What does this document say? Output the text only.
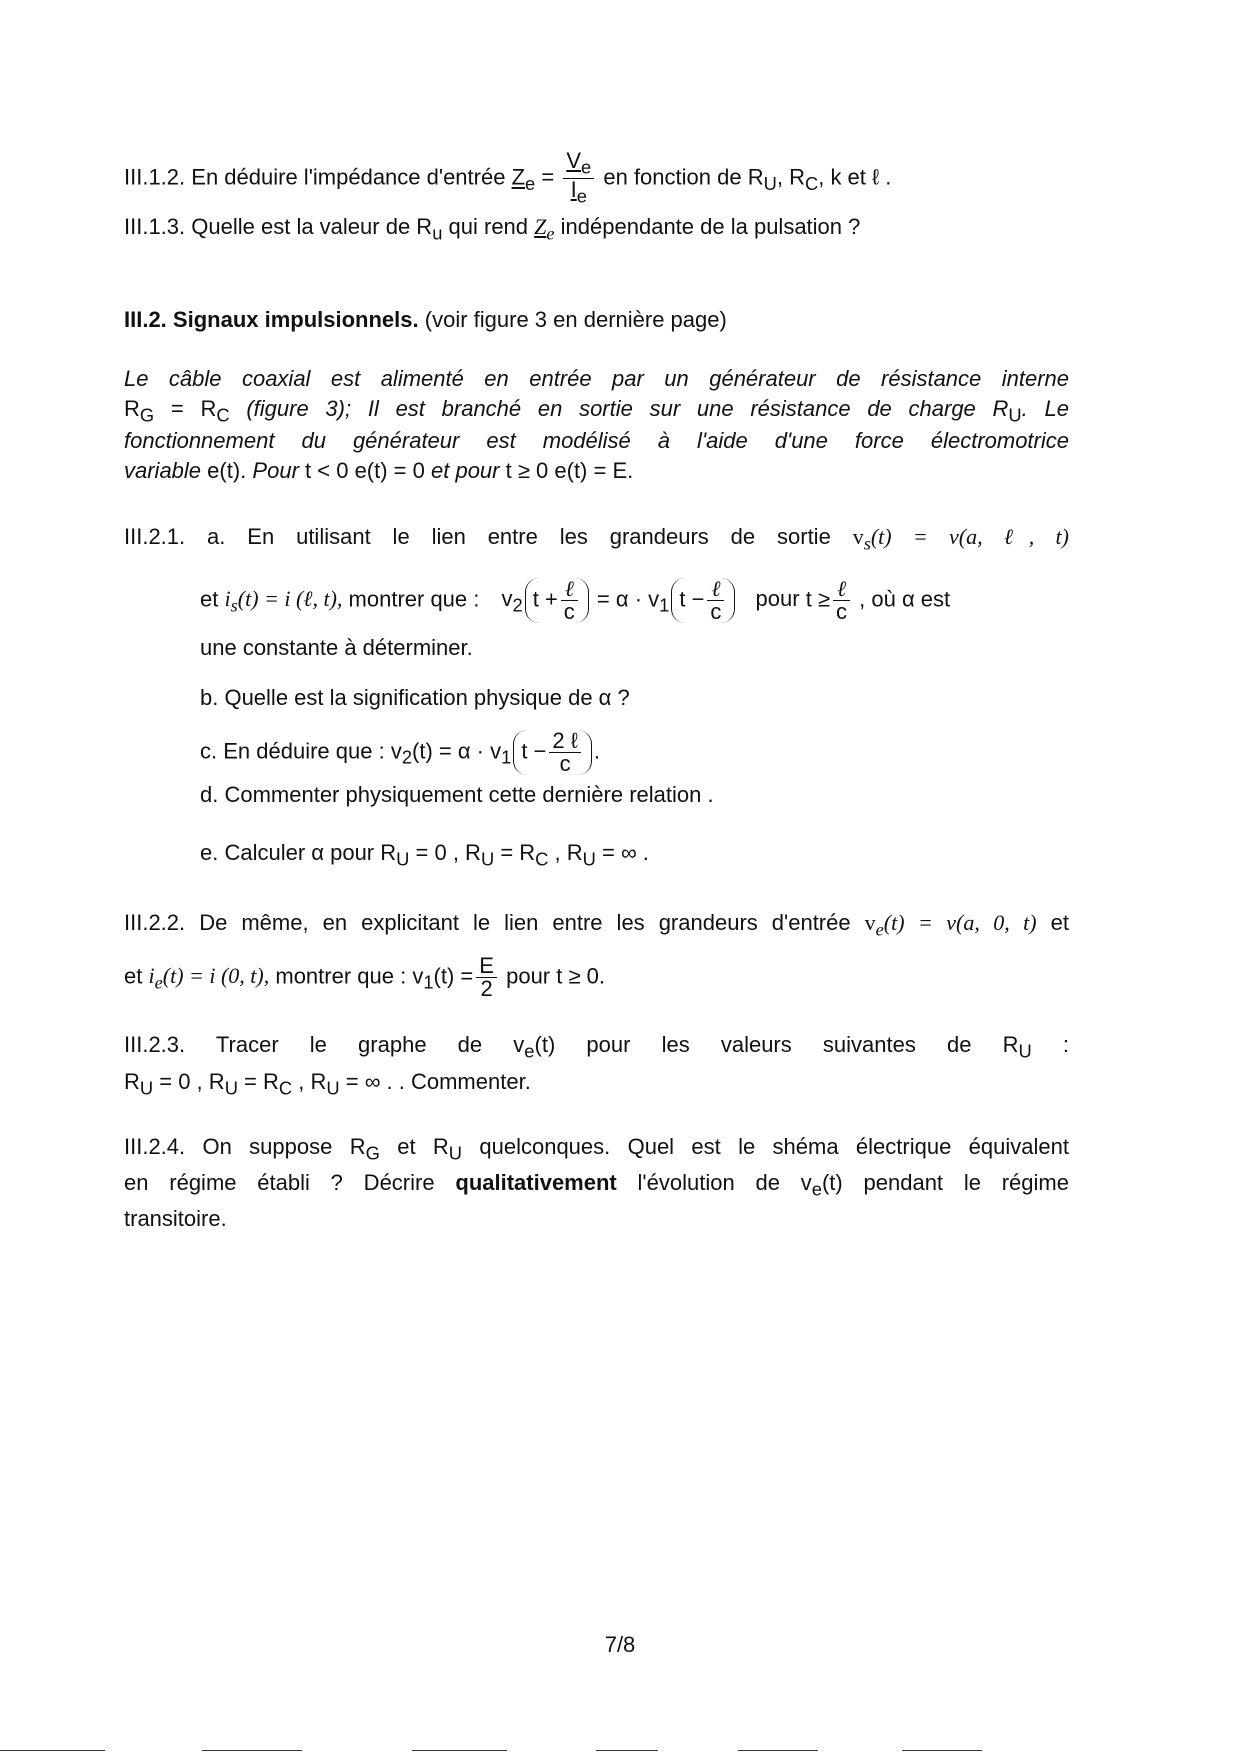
III.1.2. En déduire l'impédance d'entrée $Z_e = \frac{V_e}{I_e}$ en fonction de $R_U$, $R_C$, k et ℓ .
III.1.3. Quelle est la valeur de $R_u$ qui rend $Z_e$ indépendante de la pulsation ?
III.2. Signaux impulsionnels. (voir figure 3 en dernière page)
Le câble coaxial est alimenté en entrée par un générateur de résistance interne
$R_G = R_C$ (figure 3); Il est branché en sortie sur une résistance de charge $R_U$. Le
fonctionnement du générateur est modélisé à l'aide d'une force électromotrice
variable e(t). Pour t < 0 e(t) = 0 et pour t ≥ 0 e(t) = E.
III.2.1. a. En utilisant le lien entre les grandeurs de sortie $v_s(t) = v(a$, ℓ, t)
et $i_s(t) = i$ (ℓ, t), montrer que : $v_2$ $t + \frac{\text{ℓ}}{c} = \alpha \cdot v_1$ $t - \frac{\text{ℓ}}{c}$ pour $t \ge \frac{\text{ℓ}}{c}$ , où α est
une constante à déterminer.
b. Quelle est la signification physique de α ?
c. En déduire que : $v_2(t) = \alpha \cdot v_1$ $t - \frac{\text{2 ℓ}}{c}$ .
d. Commenter physiquement cette dernière relation .
e. Calculer α pour $R_U = 0$ , $R_U = R_C$ , $R_U$ = ∞ .
III.2.2. De même, en explicitant le lien entre les grandeurs d'entrée $v_e(t) = v(a$, 0, t) et
et $i_e(t) = i$ (0, t), montrer que : $v_1(t) = \frac{E}{2}$ pour t ≥ 0.
III.2.3. Tracer le graphe de $v_e(t)$ pour les valeurs suivantes de $R_U$ :
$R_U = 0$ , $R_U = R_C$ , $R_U$ = ∞ . . Commenter.
III.2.4. On suppose $R_G$ et $R_U$ quelconques. Quel est le shéma électrique équivalent
en régime établi ? Décrire qualitativement l'évolution de $v_e(t)$ pendant le régime
transitoire.
7/8
